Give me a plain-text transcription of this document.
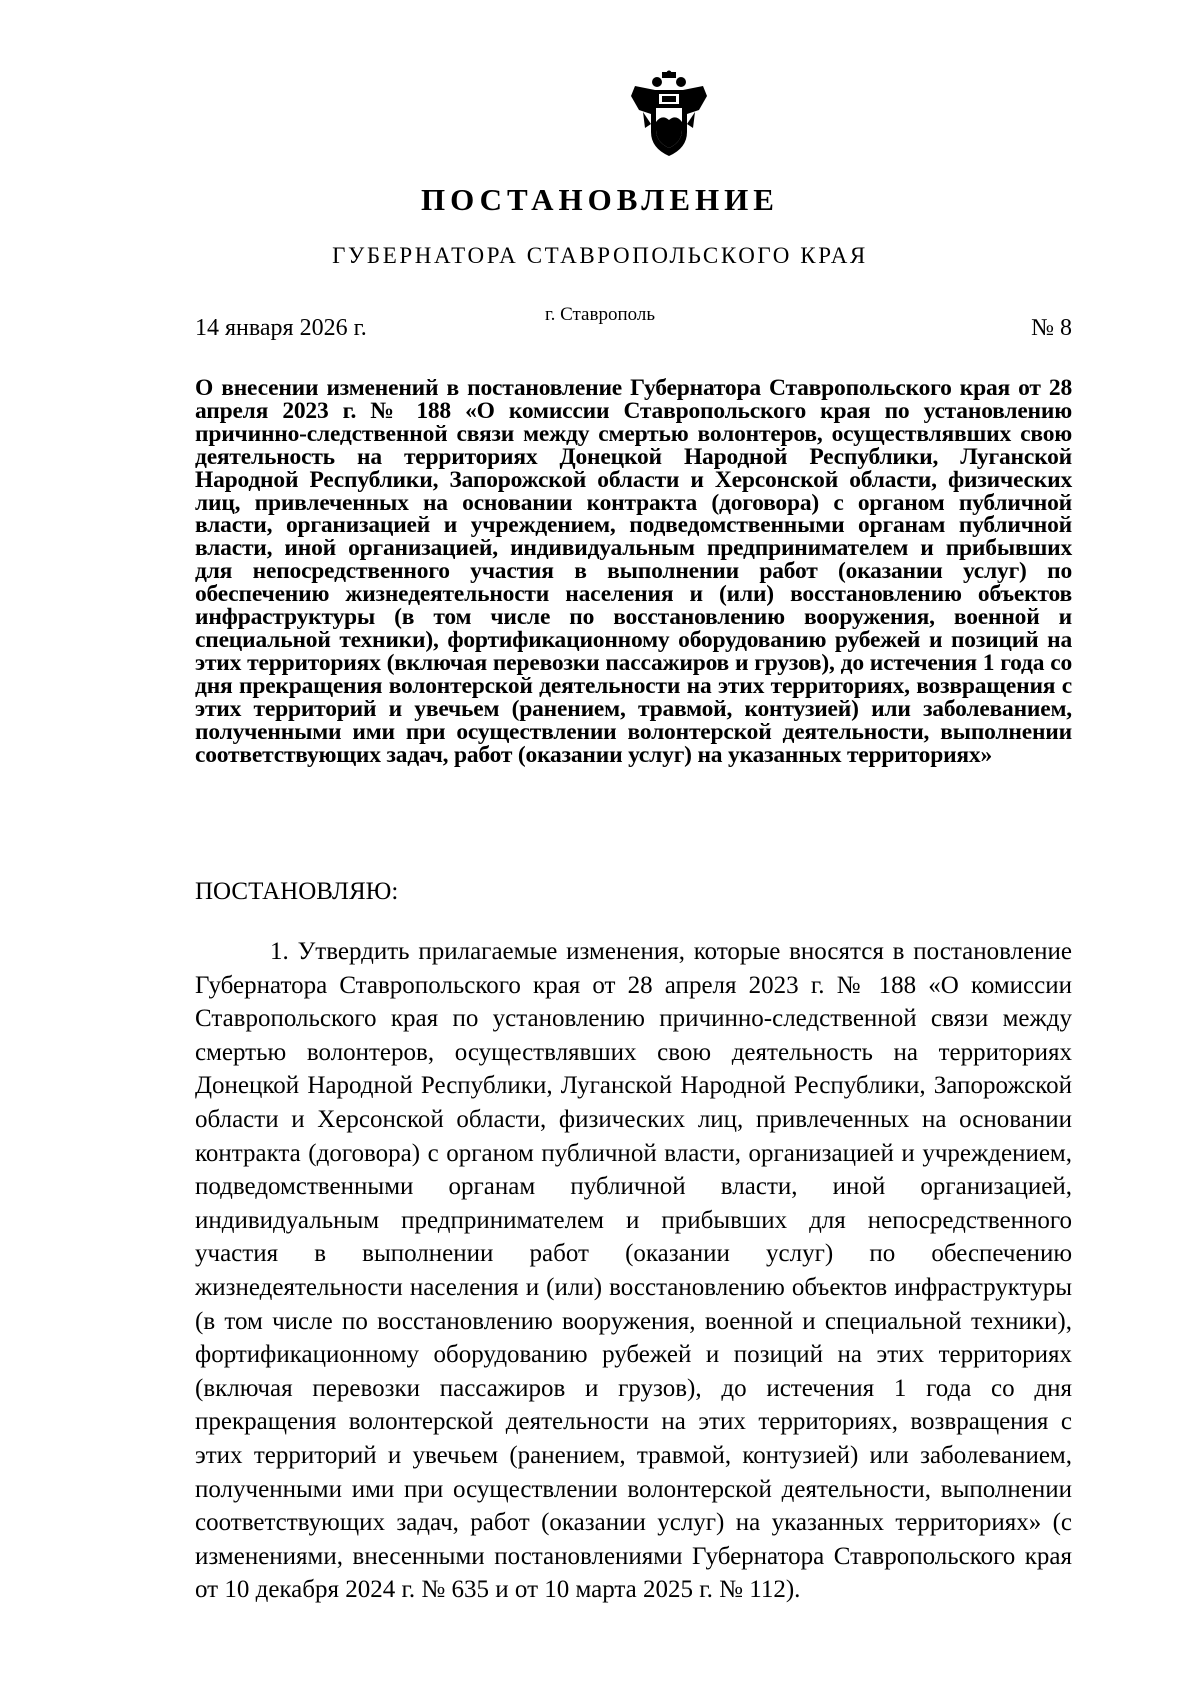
ПОСТАНОВЛЕНИЕ
ГУБЕРНАТОРА СТАВРОПОЛЬСКОГО КРАЯ
14 января 2026 г.
г. Ставрополь
№ 8
О внесении изменений в постановление Губернатора Ставропольского края от 28 апреля 2023 г. № 188 «О комиссии Ставропольского края по установлению причинно-следственной связи между смертью волонтеров, осуществлявших свою деятельность на территориях Донецкой Народной Республики, Луганской Народной Республики, Запорожской области и Херсонской области, физических лиц, привлеченных на основании контракта (договора) с органом публичной власти, организацией и учреждением, подведомственными органам публичной власти, иной организацией, индивидуальным предпринимателем и прибывших для непосредственного участия в выполнении работ (оказании услуг) по обеспечению жизнедеятельности населения и (или) восстановлению объектов инфраструктуры (в том числе по восстановлению вооружения, военной и специальной техники), фортификационному оборудованию рубежей и позиций на этих территориях (включая перевозки пассажиров и грузов), до истечения 1 года со дня прекращения волонтерской деятельности на этих территориях, возвращения с этих территорий и увечьем (ранением, травмой, контузией) или заболеванием, полученными ими при осуществлении волонтерской деятельности, выполнении соответствующих задач, работ (оказании услуг) на указанных территориях»
ПОСТАНОВЛЯЮ:
1. Утвердить прилагаемые изменения, которые вносятся в постановление Губернатора Ставропольского края от 28 апреля 2023 г. № 188 «О комиссии Ставропольского края по установлению причинно-следственной связи между смертью волонтеров, осуществлявших свою деятельность на территориях Донецкой Народной Республики, Луганской Народной Республики, Запорожской области и Херсонской области, физических лиц, привлеченных на основании контракта (договора) с органом публичной власти, организацией и учреждением, подведомственными органам публичной власти, иной организацией, индивидуальным предпринимателем и прибывших для непосредственного участия в выполнении работ (оказании услуг) по обеспечению жизнедеятельности населения и (или) восстановлению объектов инфраструктуры (в том числе по восстановлению вооружения, военной и специальной техники), фортификационному оборудованию рубежей и позиций на этих территориях (включая перевозки пассажиров и грузов), до истечения 1 года со дня прекращения волонтерской деятельности на этих территориях, возвращения с этих территорий и увечьем (ранением, травмой, контузией) или заболеванием, полученными ими при осуществлении волонтерской деятельности, выполнении соответствующих задач, работ (оказании услуг) на указанных территориях» (с изменениями, внесенными постановлениями Губернатора Ставропольского края от 10 декабря 2024 г. № 635 и от 10 марта 2025 г. № 112).
